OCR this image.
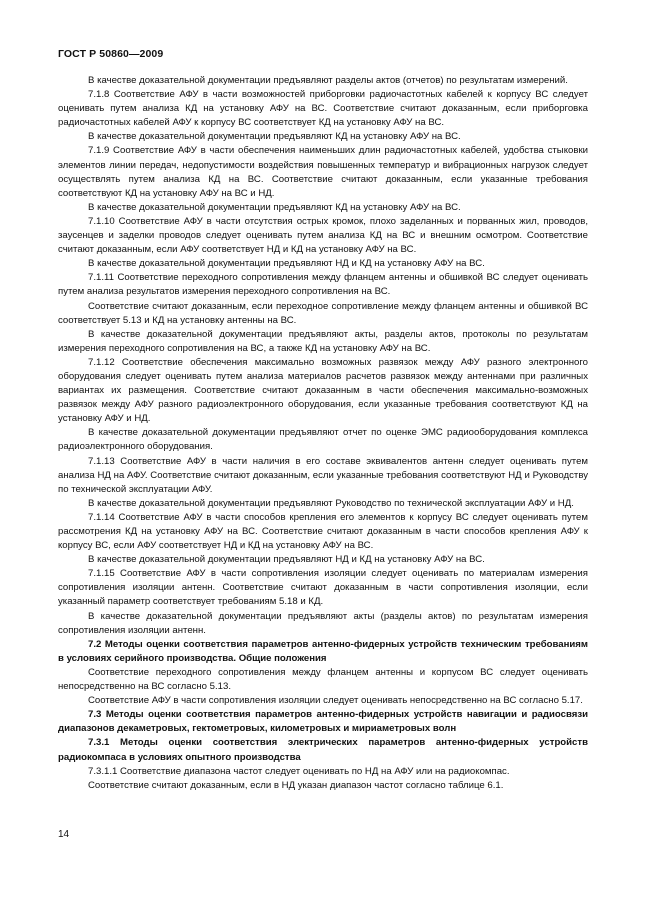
ГОСТ Р 50860—2009

В качестве доказательной документации предъявляют разделы актов (отчетов) по результатам измерений.

7.1.8 Соответствие АФУ в части возможностей приборговки радиочастотных кабелей к корпусу ВС следует оценивать путем анализа КД на установку АФУ на ВС. Соответствие считают доказанным, если приборговка радиочастотных кабелей АФУ к корпусу ВС соответствует КД на установку АФУ на ВС.

В качестве доказательной документации предъявляют КД на установку АФУ на ВС.

7.1.9 Соответствие АФУ в части обеспечения наименьших длин радиочастотных кабелей, удобства стыковки элементов линии передач, недопустимости воздействия повышенных температур и вибрационных нагрузок следует осуществлять путем анализа КД на ВС. Соответствие считают доказанным, если указанные требования соответствуют КД на установку АФУ на ВС и НД.

В качестве доказательной документации предъявляют КД на установку АФУ на ВС.

7.1.10 Соответствие АФУ в части отсутствия острых кромок, плохо заделанных и порванных жил, проводов, заусенцев и заделки проводов следует оценивать путем анализа КД на ВС и внешним осмотром. Соответствие считают доказанным, если АФУ соответствует НД и КД на установку АФУ на ВС.

В качестве доказательной документации предъявляют НД и КД на установку АФУ на ВС.

7.1.11 Соответствие переходного сопротивления между фланцем антенны и обшивкой ВС следует оценивать путем анализа результатов измерения переходного сопротивления на ВС.

Соответствие считают доказанным, если переходное сопротивление между фланцем антенны и обшивкой ВС соответствует 5.13 и КД на установку антенны на ВС.

В качестве доказательной документации предъявляют акты, разделы актов, протоколы по результатам измерения переходного сопротивления на ВС, а также КД на установку АФУ на ВС.

7.1.12 Соответствие обеспечения максимально возможных развязок между АФУ разного электронного оборудования следует оценивать путем анализа материалов расчетов развязок между антеннами при различных вариантах их размещения. Соответствие считают доказанным в части обеспечения максимально-возможных развязок между АФУ разного радиоэлектронного оборудования, если указанные требования соответствуют КД на установку АФУ и НД.

В качестве доказательной документации предъявляют отчет по оценке ЭМС радиооборудования комплекса радиоэлектронного оборудования.

7.1.13 Соответствие АФУ в части наличия в его составе эквивалентов антенн следует оценивать путем анализа НД на АФУ. Соответствие считают доказанным, если указанные требования соответствуют НД и Руководству по технической эксплуатации АФУ.

В качестве доказательной документации предъявляют Руководство по технической эксплуатации АФУ и НД.

7.1.14 Соответствие АФУ в части способов крепления его элементов к корпусу ВС следует оценивать путем рассмотрения КД на установку АФУ на ВС. Соответствие считают доказанным в части способов крепления АФУ к корпусу ВС, если АФУ соответствует НД и КД на установку АФУ на ВС.

В качестве доказательной документации предъявляют НД и КД на установку АФУ на ВС.

7.1.15 Соответствие АФУ в части сопротивления изоляции следует оценивать по материалам измерения сопротивления изоляции антенн. Соответствие считают доказанным в части сопротивления изоляции, если указанный параметр соответствует требованиям 5.18 и КД.

В качестве доказательной документации предъявляют акты (разделы актов) по результатам измерения сопротивления изоляции антенн.

7.2 Методы оценки соответствия параметров антенно-фидерных устройств техническим требованиям в условиях серийного производства. Общие положения

Соответствие переходного сопротивления между фланцем антенны и корпусом ВС следует оценивать непосредственно на ВС согласно 5.13.

Соответствие АФУ в части сопротивления изоляции следует оценивать непосредственно на ВС согласно 5.17.

7.3 Методы оценки соответствия параметров антенно-фидерных устройств навигации и радиосвязи диапазонов декаметровых, гектометровых, километровых и мириаметровых волн

7.3.1 Методы оценки соответствия электрических параметров антенно-фидерных устройств радиокомпаса в условиях опытного производства

7.3.1.1 Соответствие диапазона частот следует оценивать по НД на АФУ или на радиокомпас.

Соответствие считают доказанным, если в НД указан диапазон частот согласно таблице 6.1.

14
